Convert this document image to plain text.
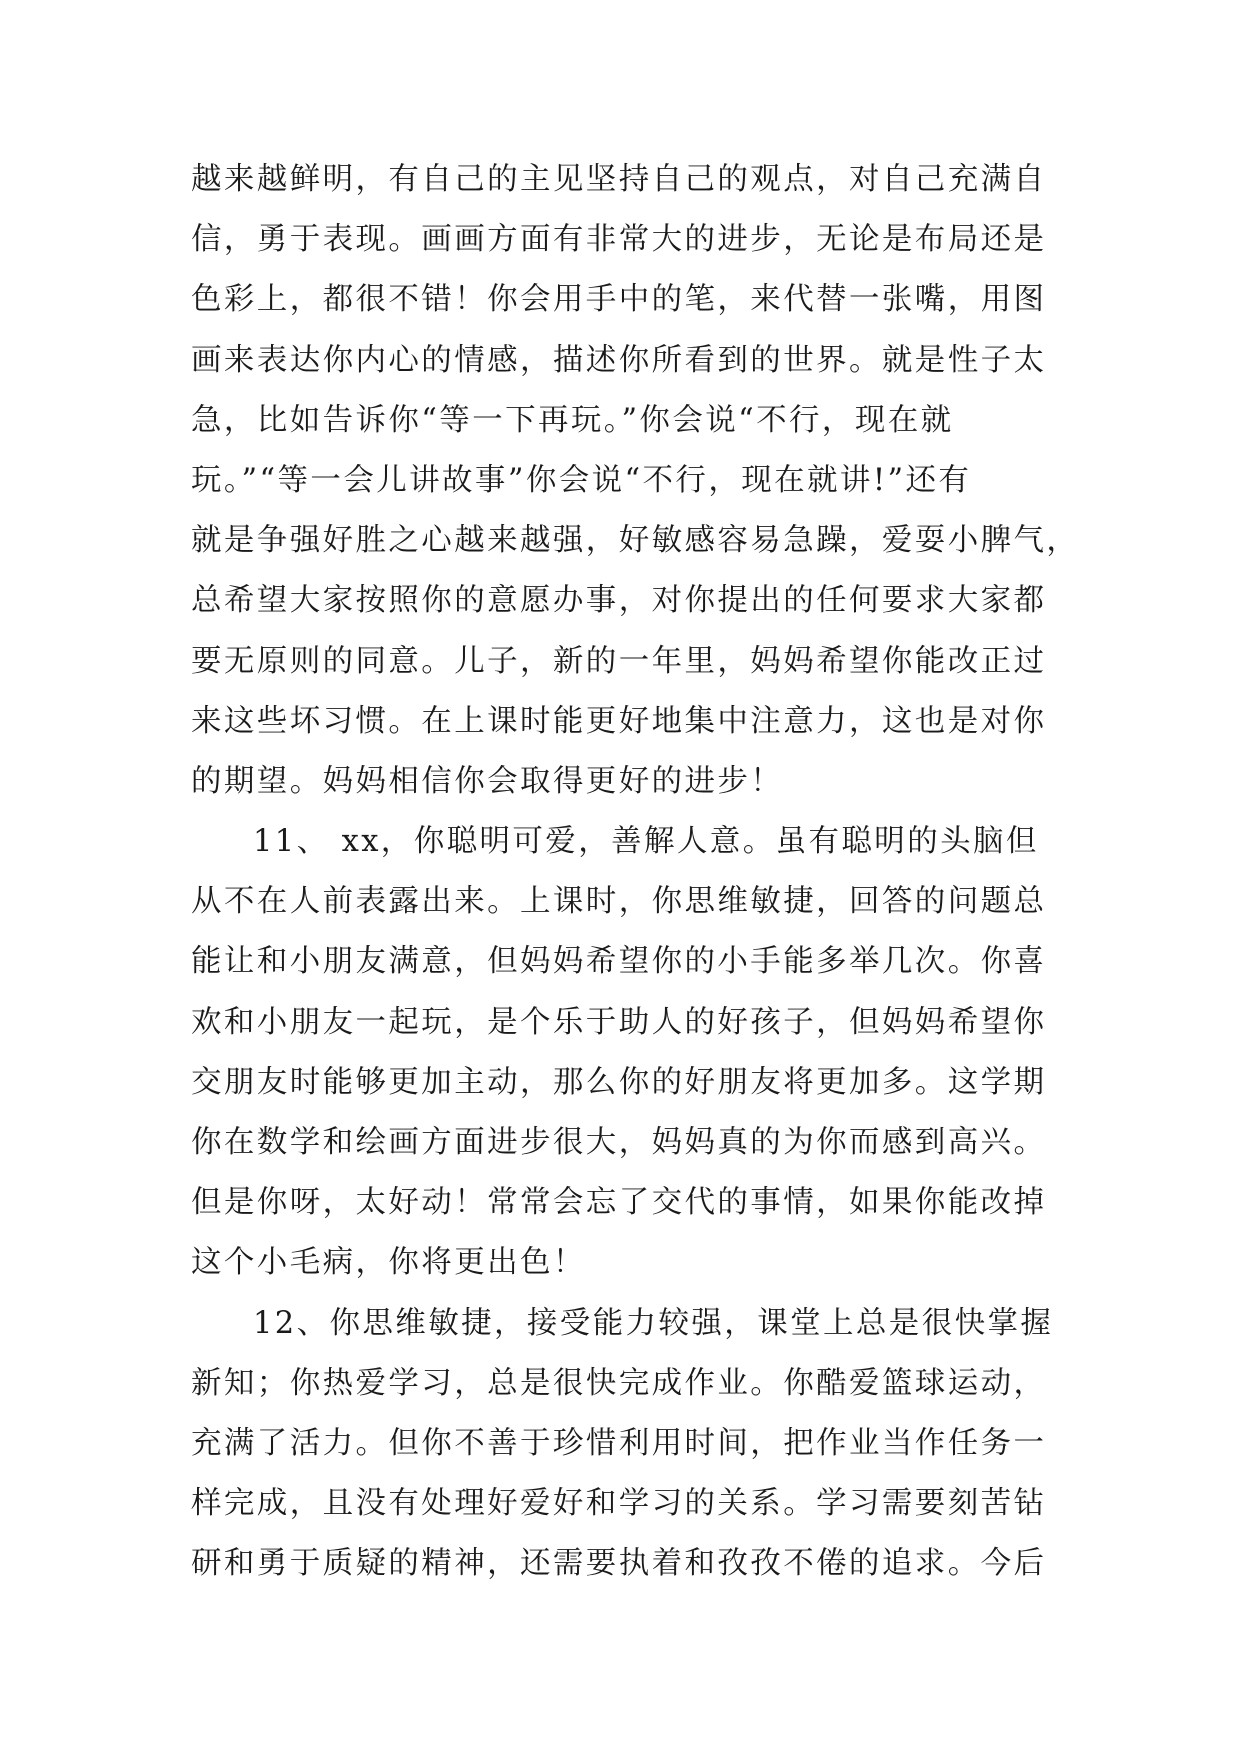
越来越鲜明，有自己的主见坚持自己的观点，对自己充满自
信，勇于表现。画画方面有非常大的进步，无论是布局还是
色彩上，都很不错！你会用手中的笔，来代替一张嘴，用图
画来表达你内心的情感，描述你所看到的世界。就是性子太
急，比如告诉你“等一下再玩。”你会说“不行，现在就
玩。”“等一会儿讲故事”你会说“不行，现在就讲!”还有
就是争强好胜之心越来越强，好敏感容易急躁，爱耍小脾气，
总希望大家按照你的意愿办事，对你提出的任何要求大家都
要无原则的同意。儿子，新的一年里，妈妈希望你能改正过
来这些坏习惯。在上课时能更好地集中注意力，这也是对你
的期望。妈妈相信你会取得更好的进步！
11、 xx，你聪明可爱，善解人意。虽有聪明的头脑但
从不在人前表露出来。上课时，你思维敏捷，回答的问题总
能让和小朋友满意，但妈妈希望你的小手能多举几次。你喜
欢和小朋友一起玩，是个乐于助人的好孩子，但妈妈希望你
交朋友时能够更加主动，那么你的好朋友将更加多。这学期
你在数学和绘画方面进步很大，妈妈真的为你而感到高兴。
但是你呀，太好动！常常会忘了交代的事情，如果你能改掉
这个小毛病，你将更出色！
12、你思维敏捷，接受能力较强，课堂上总是很快掌握
新知；你热爱学习，总是很快完成作业。你酷爱篮球运动，
充满了活力。但你不善于珍惜利用时间，把作业当作任务一
样完成，且没有处理好爱好和学习的关系。学习需要刻苦钻
研和勇于质疑的精神，还需要执着和孜孜不倦的追求。今后
